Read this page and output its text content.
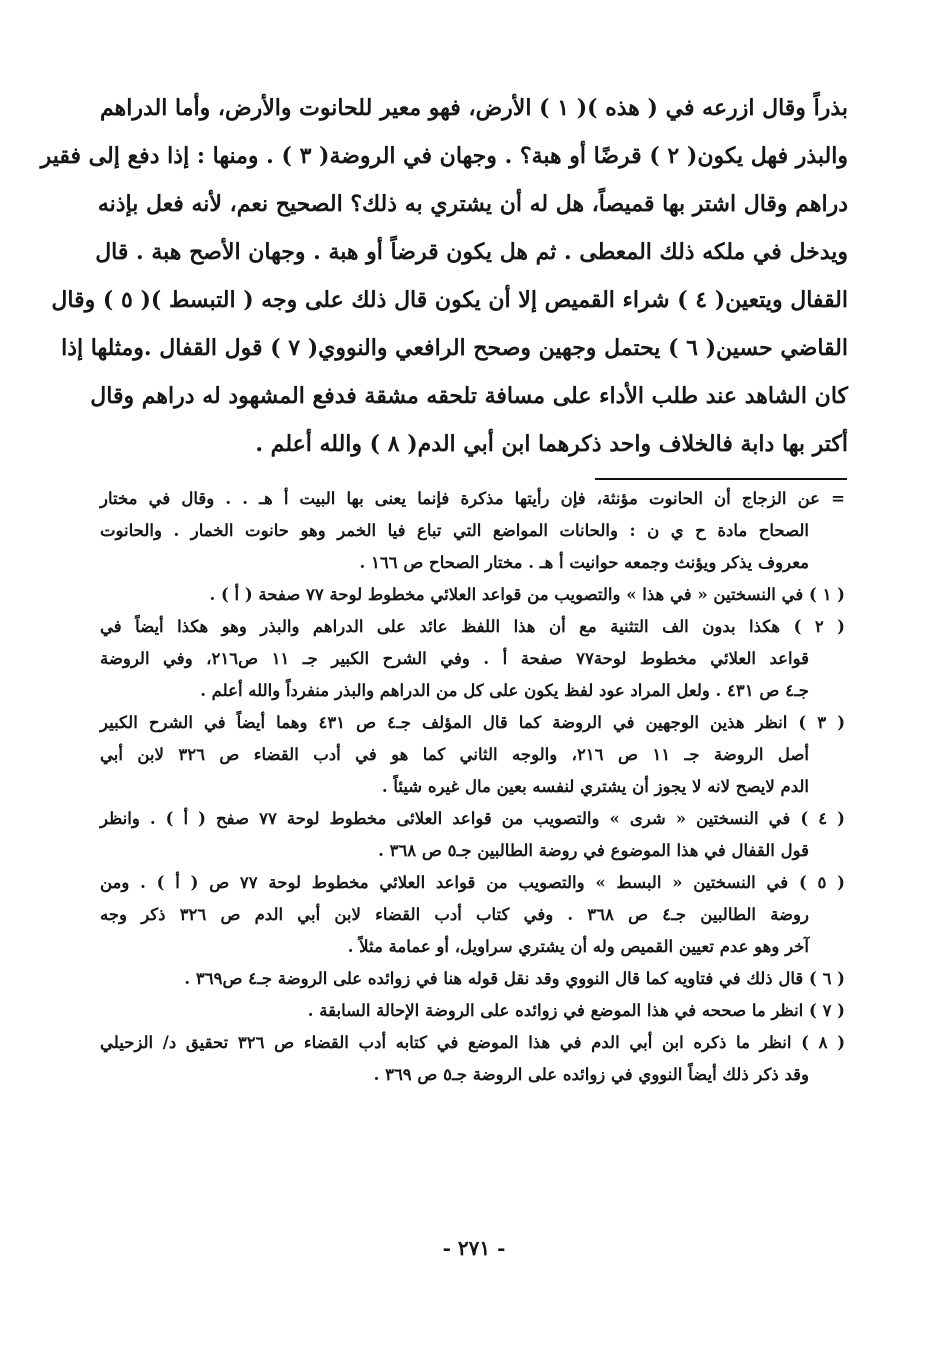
بذراً وقال ازرعه في ( هذه )( ١ ) الأرض، فهو معير للحانوت والأرض، وأما الدراهم
والبذر فهل يكون( ٢ ) قرضًا أو هبة؟ . وجهان في الروضة( ٣ ) . ومنها : إذا دفع إلى فقير
دراهم وقال اشتر بها قميصاً، هل له أن يشتري به ذلك؟ الصحيح نعم، لأنه فعل بإذنه
ويدخل في ملكه ذلك المعطى . ثم هل يكون قرضاً أو هبة . وجهان الأصح هبة . قال
القفال ويتعين( ٤ ) شراء القميص إلا أن يكون قال ذلك على وجه ( التبسط )( ٥ ) وقال
القاضي حسين( ٦ ) يحتمل وجهين وصحح الرافعي والنووي( ٧ ) قول القفال .ومثلها إذا
كان الشاهد عند طلب الأداء على مسافة تلحقه مشقة فدفع المشهود له دراهم وقال
أكتر بها دابة فالخلاف واحد ذكرهما ابن أبي الدم( ٨ ) والله أعلم .
= عن الزجاج أن الحانوت مؤنثة، فإن رأيتها مذكرة فإنما يعنى بها البيت أ هـ . . وقال في مختار
الصحاح مادة ح ي ن : والحانات المواضع التي تباع فيا الخمر وهو حانوت الخمار . والحانوت
معروف يذكر ويؤنث وجمعه حوانيت أ هـ . مختار الصحاح ص ١٦٦ .
( ١ ) في النسختين « في هذا » والتصويب من قواعد العلائي مخطوط لوحة ٧٧ صفحة ( أ ) .
( ٢ ) هكذا بدون الف التثنية مع أن هذا اللفظ عائد على الدراهم والبذر وهو هكذا أيضاً في
قواعد العلائي مخطوط لوحة٧٧ صفحة أ . وفي الشرح الكبير جـ ١١ ص٢١٦، وفي الروضة
جـ٤ ص ٤٣١ . ولعل المراد عود لفظ يكون على كل من الدراهم والبذر منفرداً والله أعلم .
( ٣ ) انظر هذين الوجهين في الروضة كما قال المؤلف جـ٤ ص ٤٣١ وهما أيضاً في الشرح الكبير
أصل الروضة جـ ١١ ص ٢١٦، والوجه الثاني كما هو في أدب القضاء ص ٣٢٦ لابن أبي
الدم لايصح لانه لا يجوز أن يشتري لنفسه بعين مال غيره شيئاً .
( ٤ ) في النسختين « شرى » والتصويب من قواعد العلائى مخطوط لوحة ٧٧ صفح ( أ ) . وانظر
قول القفال في هذا الموضوع في روضة الطالبين جـ٥ ص ٣٦٨ .
( ٥ ) في النسختين « البسط » والتصويب من قواعد العلائي مخطوط لوحة ٧٧ ص ( أ ) . ومن
روضة الطالبين جـ٤ ص ٣٦٨ . وفي كتاب أدب القضاء لابن أبي الدم ص ٣٢٦ ذكر وجه
آخر وهو عدم تعيين القميص وله أن يشتري سراويل، أو عمامة مثلاً .
( ٦ ) قال ذلك في فتاويه كما قال النووي وقد نقل قوله هنا في زوائده على الروضة جـ٤ ص٣٦٩ .
( ٧ ) انظر ما صححه في هذا الموضع في زوائده على الروضة الإحالة السابقة .
( ٨ ) انظر ما ذكره ابن أبي الدم في هذا الموضع في كتابه أدب القضاء ص ٣٢٦ تحقيق د/ الزحيلي
وقد ذكر ذلك أيضاً النووي في زوائده على الروضة جـ٥ ص ٣٦٩ .
- ٢٧١ -
